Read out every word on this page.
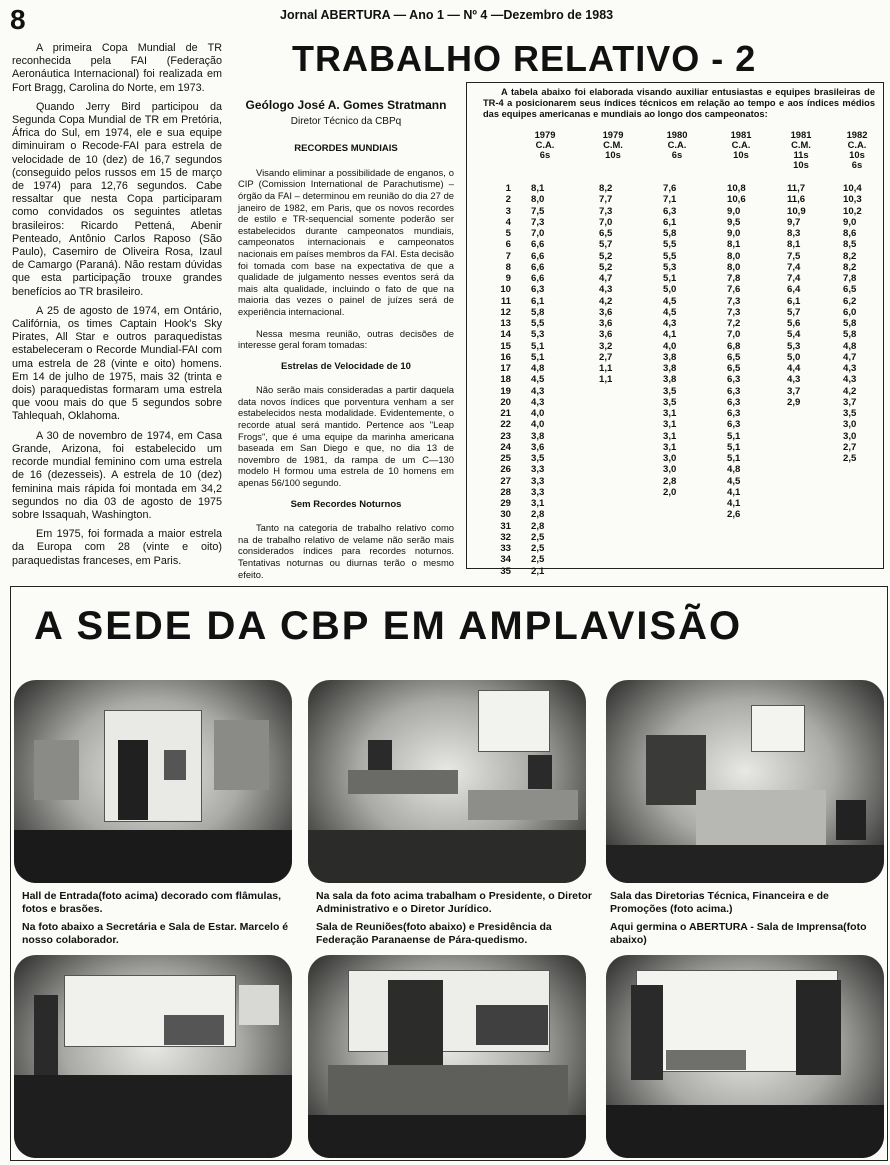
8	Jornal ABERTURA — Ano 1 — Nº 4 —Dezembro de 1983
TRABALHO RELATIVO - 2

A primeira Copa Mundial de TR reconhecida pela FAI (Federação Aeronáutica Internacional) foi realizada em Fort Bragg, Carolina do Norte, em 1973.

Quando Jerry Bird participou da Segunda Copa Mundial de TR em Pretória, África do Sul, em 1974, ele e sua equipe diminuiram o Recode-FAI para estrela de velocidade de 10 (dez) de 16,7 segundos (conseguido pelos russos em 15 de março de 1974) para 12,76 segundos. Cabe ressaltar que nesta Copa participaram como convidados os seguintes atletas brasileiros: Ricardo Pettená, Abenir Penteado, Antônio Carlos Raposo (São Paulo), Casemiro de Oliveira Rosa, Izaul de Camargo (Paraná). Não restam dúvidas que esta participação trouxe grandes benefícios ao TR brasileiro.

A 25 de agosto de 1974, em Ontário, Califórnia, os times Captain Hook's Sky Pirates, All Star e outros paraquedistas estabeleceram o Recorde Mundial-FAI com uma estrela de 28 (vinte e oito) homens. Em 14 de julho de 1975, mais 32 (trinta e dois) paraquedistas formaram uma estrela que voou mais do que 5 segundos sobre Tahlequah, Oklahoma.

A 30 de novembro de 1974, em Casa Grande, Arizona, foi estabelecido um recorde mundial feminino com uma estrela de 16 (dezesseis). A estrela de 10 (dez) feminina mais rápida foi montada em 34,2 segundos no dia 03 de agosto de 1975 sobre Issaquah, Washington.

Em 1975, foi formada a maior estrela da Europa com 28 (vinte e oito) paraquedistas franceses, em Paris.

Geólogo José A. Gomes Stratmann
Diretor Técnico da CBPq
RECORDES MUNDIAIS

Visando eliminar a possibilidade de enganos, o CIP (Comission International de Parachutisme) – órgão da FAI – determinou em reunião do dia 27 de janeiro de 1982, em Paris, que os novos recordes de estilo e TR-sequencial somente poderão ser estabelecidos durante campeonatos mundiais, campeonatos internacionais e campeonatos nacionais em países membros da FAI. Esta decisão foi tomada com base na expectativa de que a qualidade de julgamento nesses eventos será da mais alta qualidade, incluindo o fato de que na maioria das vezes o painel de juízes será de experiência internacional.

Nessa mesma reunião, outras decisões de interesse geral foram tomadas:

Estrelas de Velocidade de 10

Não serão mais consideradas a partir daquela data novos índices que porventura venham a ser estabelecidos nesta modalidade. Evidentemente, o recorde atual será mantido. Pertence aos "Leap Frogs", que é uma equipe da marinha americana baseada em San Diego e que, no dia 13 de novembro de 1981, da rampa de um C—130 modelo H formou uma estrela de 10 homens em apenas 56/100 segundo.

Sem Recordes Noturnos

Tanto na categoria de trabalho relativo como na de trabalho relativo de velame não serão mais considerados índices para recordes noturnos. Tentativas noturnas ou diurnas terão o mesmo efeito.

A tabela abaixo foi elaborada visando auxiliar entusiastas e equipes brasileiras de TR-4 a posicionarem seus índices técnicos em relação ao tempo e aos índices médios das equipes americanas e mundiais ao longo dos campeonatos:
1979
C.A.
6s
1979
C.M.
10s
1980
C.A.
6s
1981
C.A.
10s
1981
C.M.
11s
10s
1982
C.A.
10s
6s
1
2
3
4
5
6
7
8
9
10
11
12
13
14
15
16
17
18
19
20
21
22
23
24
25
26
27
28
29
30
31
32
33
34
35
8,1
8,0
7,5
7,3
7,0
6,6
6,6
6,6
6,6
6,3
6,1
5,8
5,5
5,3
5,1
5,1
4,8
4,5
4,3
4,3
4,0
4,0
3,8
3,6
3,5
3,3
3,3
3,3
3,1
2,8
2,8
2,5
2,5
2,5
2,1
8,2
7,7
7,3
7,0
6,5
5,7
5,2
5,2
4,7
4,3
4,2
3,6
3,6
3,6
3,2
2,7
1,1
1,1
7,6
7,1
6,3
6,1
5,8
5,5
5,5
5,3
5,1
5,0
4,5
4,5
4,3
4,1
4,0
3,8
3,8
3,8
3,5
3,5
3,1
3,1
3,1
3,1
3,0
3,0
2,8
2,0
10,8
10,6
9,0
9,5
9,0
8,1
8,0
8,0
7,8
7,6
7,3
7,3
7,2
7,0
6,8
6,5
6,5
6,3
6,3
6,3
6,3
6,3
5,1
5,1
5,1
4,8
4,5
4,1
4,1
2,6
11,7
11,6
10,9
9,7
8,3
8,1
7,5
7,4
7,4
6,4
6,1
5,7
5,6
5,4
5,3
5,0
4,4
4,3
3,7
2,9
10,4
10,3
10,2
9,0
8,6
8,5
8,2
8,2
7,8
6,5
6,2
6,0
5,8
5,8
4,8
4,7
4,3
4,3
4,2
3,7
3,5
3,0
3,0
2,7
2,5
A SEDE DA CBP EM AMPLAVISÃO

Hall de Entrada(foto acima) decorado com flâmulas, fotos e brasões.

Na foto abaixo a Secretária e Sala de Estar. Marcelo é nosso colaborador.

Na sala da foto acima trabalham o Presidente, o Diretor Administrativo e o Diretor Jurídico.

Sala de Reuniões(foto abaixo) e Presidência da Federação Paranaense de Pára-quedismo.

Sala das Diretorias Técnica, Financeira e de Promoções (foto acima.)

Aqui germina o ABERTURA - Sala de Imprensa(foto abaixo)
